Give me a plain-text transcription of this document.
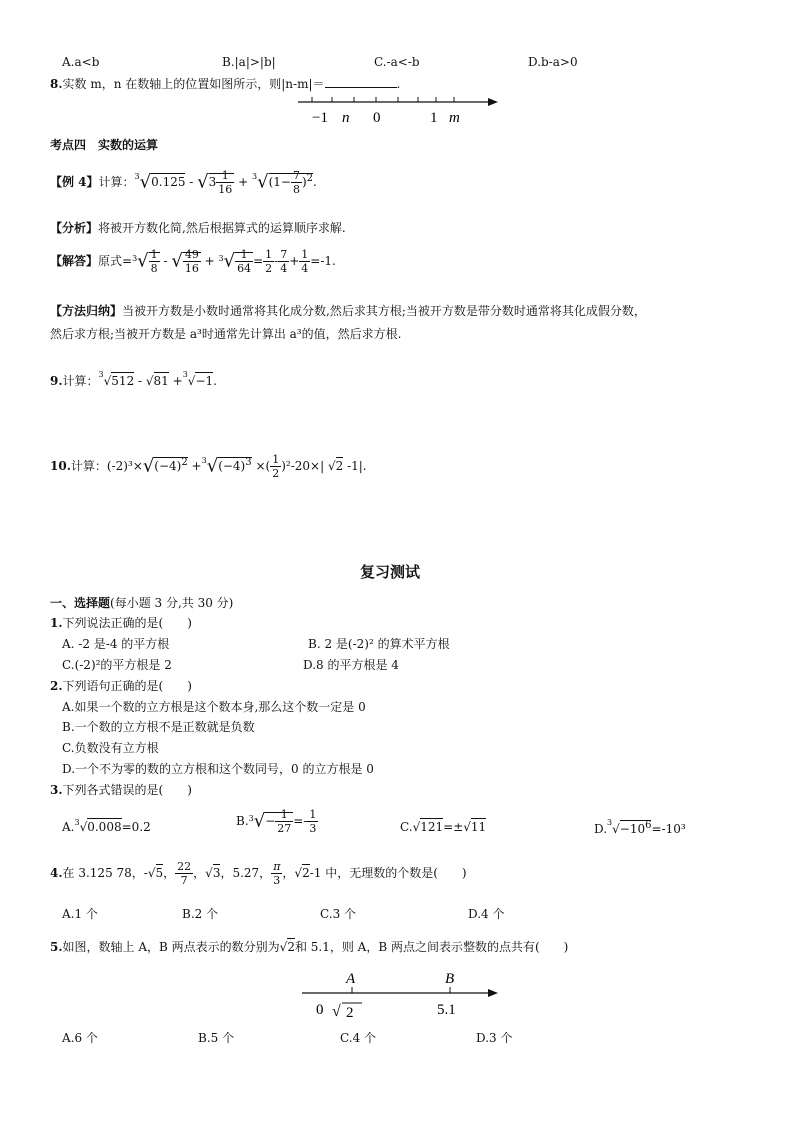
A.a<b	B.|a|>|b|	C.-a<-b	D.b-a>0
8.实数 m，n 在数轴上的位置如图所示，则|n-m|＝	.
−1 n 0	1 m
考点四　实数的运算
【例 4】计算：$^3√0.125 - √3 \frac{1}{16} + ^3√(1- \frac{7}{8} )^2$.
【分析】将被开方数化简,然后根据算式的运算顺序求解.
【解答】原式$=^3√ \frac{1}{8}$ - √ $\frac{49}{16} + ^3√ \frac{1}{64} = \frac{1}{2} - \frac{7}{4} + \frac{1}{4} =-1$.
【方法归纳】当被开方数是小数时通常将其化成分数,然后求其方根;当被开方数是带分数时通常将其化成假分数，
然后求方根;当被开方数是 a³时通常先计算出 a³的值，然后求方根.
9.计算：$^3$√512 - √81 +$^3$√−1.
10.计算：$(-2)^3\times√(-4)^2 +^3√(-4)^3$ ×( $\frac{1}{2} )^2-20\times|$ √2 -1|.
复习测试
一、选择题(每小题 3 分,共 30 分)
1.下列说法正确的是(　　)
A. -2 是-4 的平方根	B. 2 是(-2)² 的算术平方根
C.(-2)²的平方根是 2	D.8 的平方根是 4
2.下列语句正确的是(　　)
A.如果一个数的立方根是这个数本身,那么这个数一定是 0
B.一个数的立方根不是正数就是负数
C.负数没有立方根
D.一个不为零的数的立方根和这个数同号，0 的立方根是 0
3.下列各式错误的是(　　)
A.$^3$√0.008=0.2	$B.^3√- \frac{1}{27} =- \frac{1}{3}$	C.√121=±√11	$D.^3√-10^6=-10^3$
4.在 3.125 78，-√5， $\frac{22}{7}$ ，√3，5.27， $\frac{\pi}{3}$ ，√2-1 中，无理数的个数是(　　)
A.1 个	B.2 个	C.3 个	D.4 个
5.如图，数轴上 A，B 两点表示的数分别为√2和 5.1，则 A，B 两点之间表示整数的点共有(　　)
A	B
0 √ 2	5.1
A.6 个	B.5 个	C.4 个	D.3 个
